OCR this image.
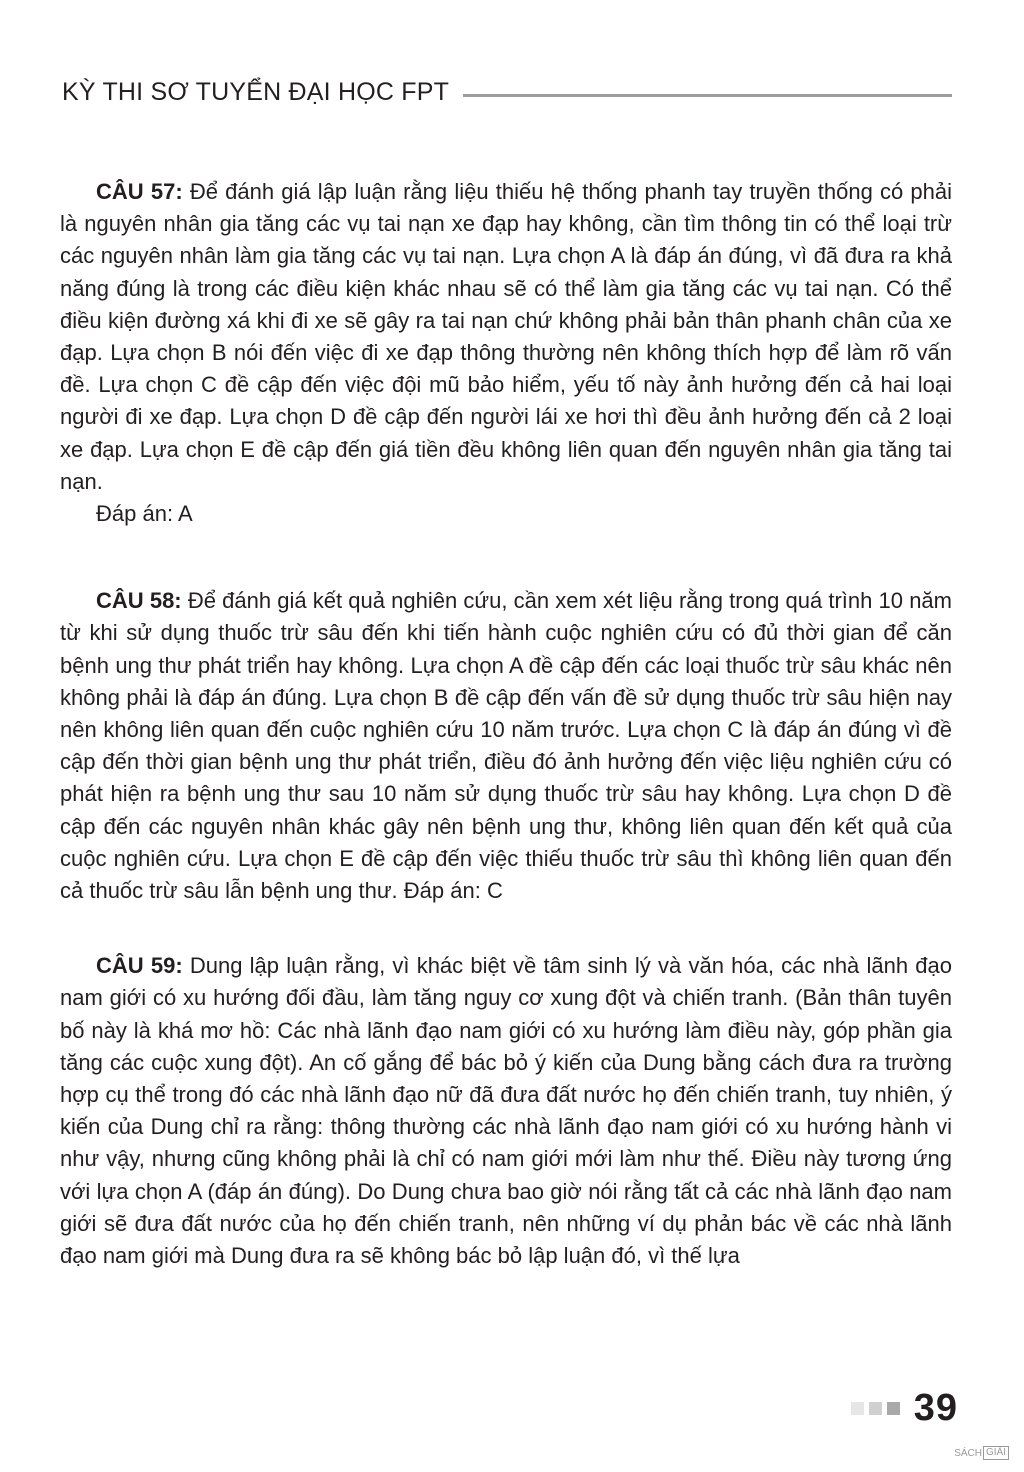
KỲ THI SƠ TUYỂN ĐẠI HỌC FPT

CÂU 57: Để đánh giá lập luận rằng liệu thiếu hệ thống phanh tay truyền thống có phải là nguyên nhân gia tăng các vụ tai nạn xe đạp hay không, cần tìm thông tin có thể loại trừ các nguyên nhân làm gia tăng các vụ tai nạn. Lựa chọn A là đáp án đúng, vì đã đưa ra khả năng đúng là trong các điều kiện khác nhau sẽ có thể làm gia tăng các vụ tai nạn. Có thể điều kiện đường xá khi đi xe sẽ gây ra tai nạn chứ không phải bản thân phanh chân của xe đạp. Lựa chọn B nói đến việc đi xe đạp thông thường nên không thích hợp để làm rõ vấn đề. Lựa chọn C đề cập đến việc đội mũ bảo hiểm, yếu tố này ảnh hưởng đến cả hai loại người đi xe đạp. Lựa chọn D đề cập đến người lái xe hơi thì đều ảnh hưởng đến cả 2 loại xe đạp. Lựa chọn E đề cập đến giá tiền đều không liên quan đến nguyên nhân gia tăng tai nạn.

Đáp án: A

CÂU 58: Để đánh giá kết quả nghiên cứu, cần xem xét liệu rằng trong quá trình 10 năm từ khi sử dụng thuốc trừ sâu đến khi tiến hành cuộc nghiên cứu có đủ thời gian để căn bệnh ung thư phát triển hay không. Lựa chọn A đề cập đến các loại thuốc trừ sâu khác nên không phải là đáp án đúng. Lựa chọn B đề cập đến vấn đề sử dụng thuốc trừ sâu hiện nay nên không liên quan đến cuộc nghiên cứu 10 năm trước. Lựa chọn C là đáp án đúng vì đề cập đến thời gian bệnh ung thư phát triển, điều đó ảnh hưởng đến việc liệu nghiên cứu có phát hiện ra bệnh ung thư sau 10 năm sử dụng thuốc trừ sâu hay không. Lựa chọn D đề cập đến các nguyên nhân khác gây nên bệnh ung thư, không liên quan đến kết quả của cuộc nghiên cứu. Lựa chọn E đề cập đến việc thiếu thuốc trừ sâu thì không liên quan đến cả thuốc trừ sâu lẫn bệnh ung thư. Đáp án: C

CÂU 59: Dung lập luận rằng, vì khác biệt về tâm sinh lý và văn hóa, các nhà lãnh đạo nam giới có xu hướng đối đầu, làm tăng nguy cơ xung đột và chiến tranh. (Bản thân tuyên bố này là khá mơ hồ: Các nhà lãnh đạo nam giới có xu hướng làm điều này, góp phần gia tăng các cuộc xung đột). An cố gắng để bác bỏ ý kiến của Dung bằng cách đưa ra trường hợp cụ thể trong đó các nhà lãnh đạo nữ đã đưa đất nước họ đến chiến tranh, tuy nhiên, ý kiến của Dung chỉ ra rằng: thông thường các nhà lãnh đạo nam giới có xu hướng hành vi như vậy, nhưng cũng không phải là chỉ có nam giới mới làm như thế. Điều này tương ứng với lựa chọn A (đáp án đúng). Do Dung chưa bao giờ nói rằng tất cả các nhà lãnh đạo nam giới sẽ đưa đất nước của họ đến chiến tranh, nên những ví dụ phản bác về các nhà lãnh đạo nam giới mà Dung đưa ra sẽ không bác bỏ lập luận đó, vì thế lựa

39
SÁCH GIẢI
